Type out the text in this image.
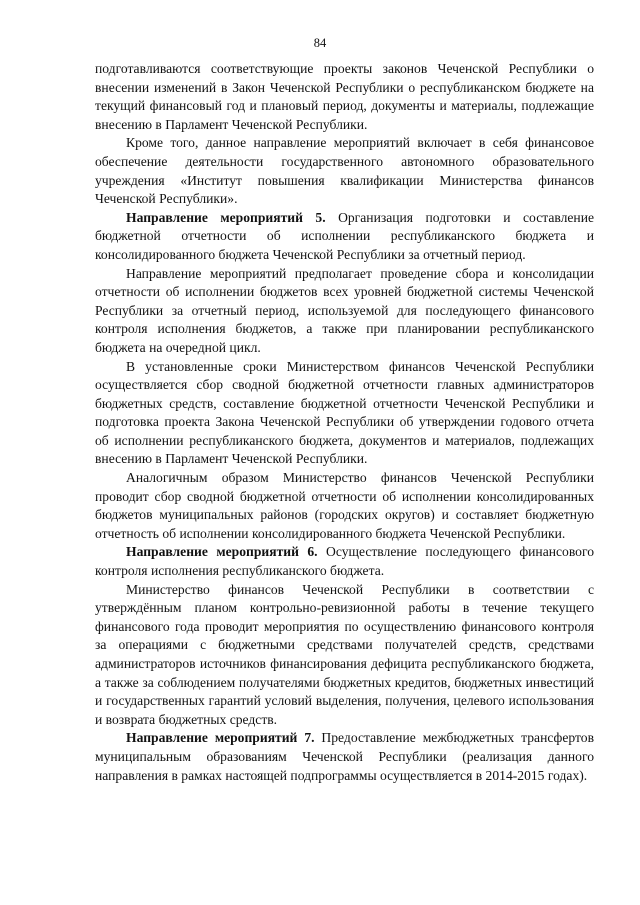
84

подготавливаются соответствующие проекты законов Чеченской Республики о внесении изменений в Закон Чеченской Республики о республиканском бюджете на текущий финансовый год и плановый период, документы и материалы, подлежащие внесению в Парламент Чеченской Республики.

Кроме того, данное направление мероприятий включает в себя финансовое обеспечение деятельности государственного автономного образовательного учреждения «Институт повышения квалификации Министерства финансов Чеченской Республики».

Направление мероприятий 5. Организация подготовки и составление бюджетной отчетности об исполнении республиканского бюджета и консолидированного бюджета Чеченской Республики за отчетный период.

Направление мероприятий предполагает проведение сбора и консолидации отчетности об исполнении бюджетов всех уровней бюджетной системы Чеченской Республики за отчетный период, используемой для последующего финансового контроля исполнения бюджетов, а также при планировании республиканского бюджета на очередной цикл.

В установленные сроки Министерством финансов Чеченской Республики осуществляется сбор сводной бюджетной отчетности главных администраторов бюджетных средств, составление бюджетной отчетности Чеченской Республики и подготовка проекта Закона Чеченской Республики об утверждении годового отчета об исполнении республиканского бюджета, документов и материалов, подлежащих внесению в Парламент Чеченской Республики.

Аналогичным образом Министерство финансов Чеченской Республики проводит сбор сводной бюджетной отчетности об исполнении консолидированных бюджетов муниципальных районов (городских округов) и составляет бюджетную отчетность об исполнении консолидированного бюджета Чеченской Республики.

Направление мероприятий 6. Осуществление последующего финансового контроля исполнения республиканского бюджета.

Министерство финансов Чеченской Республики в соответствии с утверждённым планом контрольно-ревизионной работы в течение текущего финансового года проводит мероприятия по осуществлению финансового контроля за операциями с бюджетными средствами получателей средств, средствами администраторов источников финансирования дефицита республиканского бюджета, а также за соблюдением получателями бюджетных кредитов, бюджетных инвестиций и государственных гарантий условий выделения, получения, целевого использования и возврата бюджетных средств.

Направление мероприятий 7. Предоставление межбюджетных трансфертов муниципальным образованиям Чеченской Республики (реализация данного направления в рамках настоящей подпрограммы осуществляется в 2014-2015 годах).
